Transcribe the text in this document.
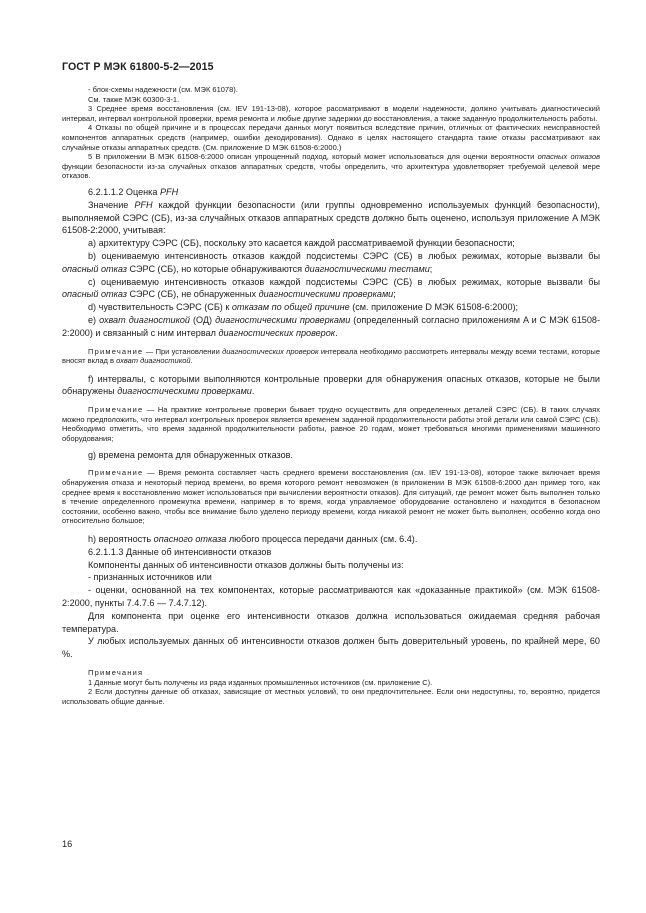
ГОСТ Р МЭК 61800-5-2—2015

- блок-схемы надежности (см. МЭК 61078).

См. также МЭК 60300-3-1.

3 Среднее время восстановления (см. IEV 191-13-08), которое рассматривают в модели надежности, должно учитывать диагностический интервал, интервал контрольной проверки, время ремонта и любые другие задержки до восстановления, а также заданную продолжительность работы.

4 Отказы по общей причине и в процессах передачи данных могут появиться вследствие причин, отличных от фактических неисправностей компонентов аппаратных средств (например, ошибки декодирования). Однако в целях настоящего стандарта такие отказы рассматривают как случайные отказы аппаратных средств. (См. приложение D МЭК 61508-6:2000.)

5 В приложении B МЭК 61508-6:2000 описан упрощенный подход, который может использоваться для оценки вероятности опасных отказов функции безопасности из-за случайных отказов аппаратных средств, чтобы определить, что архитектура удовлетворяет требуемой целевой мере отказов.

6.2.1.1.2 Оценка PFH

Значение PFH каждой функции безопасности (или группы одновременно используемых функций безопасности), выполняемой СЭРС (СБ), из-за случайных отказов аппаратных средств должно быть оценено, используя приложение A МЭК 61508-2:2000, учитывая:

а) архитектуру СЭРС (СБ), поскольку это касается каждой рассматриваемой функции безопасности;

b) оцениваемую интенсивность отказов каждой подсистемы СЭРС (СБ) в любых режимах, которые вызвали бы опасный отказ СЭРС (СБ), но которые обнаруживаются диагностическими тестами;

с) оцениваемую интенсивность отказов каждой подсистемы СЭРС (СБ) в любых режимах, которые вызвали бы опасный отказ СЭРС (СБ), не обнаруженных диагностическими проверками;

d) чувствительность СЭРС (СБ) к отказам по общей причине (см. приложение D МЭК 61508-6:2000);

e) охват диагностикой (ОД) диагностическими проверками (определенный согласно приложениям A и C МЭК 61508-2:2000) и связанный с ним интервал диагностических проверок.

Примечание — При установлении диагностических проверок интервала необходимо рассмотреть интервалы между всеми тестами, которые вносят вклад в охват диагностикой.

f) интервалы, с которыми выполняются контрольные проверки для обнаружения опасных отказов, которые не были обнаружены диагностическими проверками.

Примечание — На практике контрольные проверки бывает трудно осуществить для определенных деталей СЭРС (СБ). В таких случаях можно предположить, что интервал контрольных проверок является временем заданной продолжительности работы этой детали или самой СЭРС (СБ). Необходимо отметить, что время заданной продолжительности работы, равное 20 годам, может требоваться многими применениями машинного оборудования;

g) времена ремонта для обнаруженных отказов.

Примечание — Время ремонта составляет часть среднего времени восстановления (см. IEV 191-13-08), которое также включает время обнаружения отказа и некоторый период времени, во время которого ремонт невозможен (в приложении B МЭК 61508-6:2000 дан пример того, как среднее время к восстановлению может использоваться при вычислении вероятности отказов). Для ситуаций, где ремонт может быть выполнен только в течение определенного промежутка времени, например в то время, когда управляемое оборудование остановлено и находится в безопасном состоянии, особенно важно, чтобы все внимание было уделено периоду времени, когда никакой ремонт не может быть выполнен, особенно когда оно относительно большое;

h) вероятность опасного отказа любого процесса передачи данных (см. 6.4).

6.2.1.1.3 Данные об интенсивности отказов

Компоненты данных об интенсивности отказов должны быть получены из:

- признанных источников или

- оценки, основанной на тех компонентах, которые рассматриваются как «доказанные практикой» (см. МЭК 61508-2:2000, пункты 7.4.7.6 — 7.4.7.12).

Для компонента при оценке его интенсивности отказов должна использоваться ожидаемая средняя рабочая температура.

У любых используемых данных об интенсивности отказов должен быть доверительный уровень, по крайней мере, 60 %.

Примечания

1 Данные могут быть получены из ряда изданных промышленных источников (см. приложение C).

2 Если доступны данные об отказах, зависящие от местных условий, то они предпочтительнее. Если они недоступны, то, вероятно, придется использовать общие данные.

16
